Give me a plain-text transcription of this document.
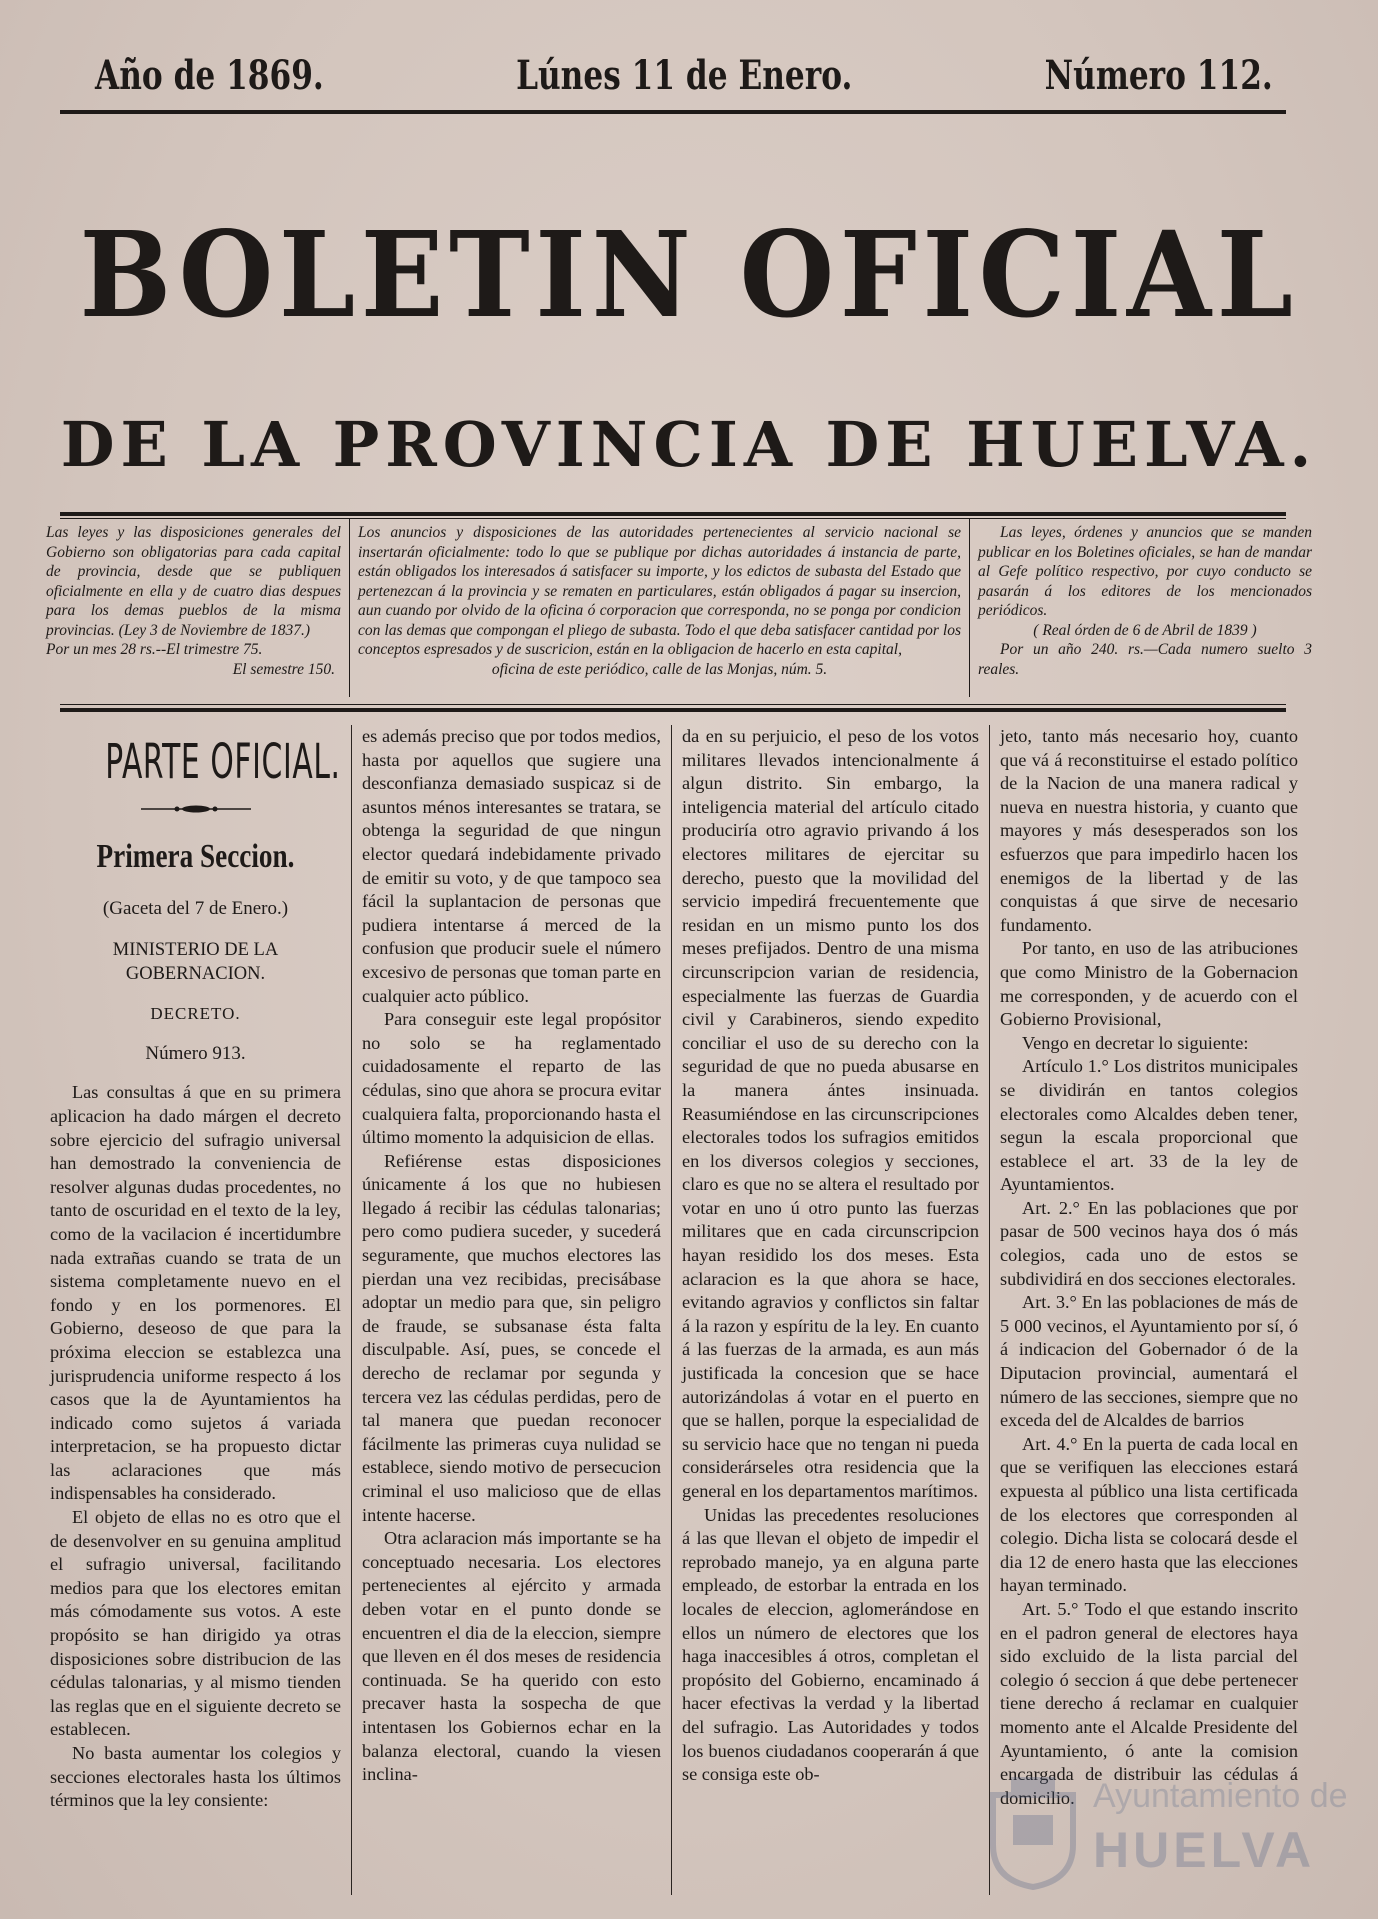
Año de 1869.	Lúnes 11 de Enero.	Número 112.
BOLETIN OFICIAL
DE LA PROVINCIA DE HUELVA.

Las leyes y las disposiciones generales del Gobierno son obligatorias para cada capital de provincia, desde que se publiquen oficialmente en ella y de cuatro dias despues para los demas pueblos de la misma provincias. (Ley 3 de Noviembre de 1837.)

Por un mes 28 rs.--El trimestre 75.

El semestre 150.

Los anuncios y disposiciones de las autoridades pertenecientes al servicio nacional se insertarán oficialmente: todo lo que se publique por dichas autoridades á instancia de parte, están obligados los interesados á satisfacer su importe, y los edictos de subasta del Estado que pertenezcan á la provincia y se rematen en particulares, están obligados á pagar su insercion, aun cuando por olvido de la oficina ó corporacion que corresponda, no se ponga por condicion con las demas que compongan el pliego de subasta. Todo el que deba satisfacer cantidad por los conceptos espresados y de suscricion, están en la obligacion de hacerlo en esta capital,

oficina de este periódico, calle de las Monjas, núm. 5.

Las leyes, órdenes y anuncios que se manden publicar en los Boletines oficiales, se han de mandar al Gefe político respectivo, por cuyo conducto se pasarán á los editores de los mencionados periódicos.

( Real órden de 6 de Abril de 1839 )

Por un año 240. rs.—Cada numero suelto 3 reales.

PARTE OFICIAL.
Primera Seccion.
(Gaceta del 7 de Enero.)
MINISTERIO DE LA GOBERNACION.
DECRETO.
Número 913.

Las consultas á que en su primera aplicacion ha dado márgen el decreto sobre ejercicio del sufragio universal han demostrado la conveniencia de resolver algunas dudas procedentes, no tanto de oscuridad en el texto de la ley, como de la vacilacion é incertidumbre nada extrañas cuando se trata de un sistema completamente nuevo en el fondo y en los pormenores. El Gobierno, deseoso de que para la próxima eleccion se establezca una jurisprudencia uniforme respecto á los casos que la de Ayuntamientos ha indicado como sujetos á variada interpretacion, se ha propuesto dictar las aclaraciones que más indispensables ha considerado.

El objeto de ellas no es otro que el de desenvolver en su genuina amplitud el sufragio universal, facilitando medios para que los electores emitan más cómodamente sus votos. A este propósito se han dirigido ya otras disposiciones sobre distribucion de las cédulas talonarias, y al mismo tienden las reglas que en el siguiente decreto se establecen.

No basta aumentar los colegios y secciones electorales hasta los últimos términos que la ley consiente:

es además preciso que por todos medios, hasta por aquellos que sugiere una desconfianza demasiado suspicaz si de asuntos ménos interesantes se tratara, se obtenga la seguridad de que ningun elector quedará indebidamente privado de emitir su voto, y de que tampoco sea fácil la suplantacion de personas que pudiera intentarse á merced de la confusion que producir suele el número excesivo de personas que toman parte en cualquier acto público.

Para conseguir este legal propósitor no solo se ha reglamentado cuidadosamente el reparto de las cédulas, sino que ahora se procura evitar cualquiera falta, proporcionando hasta el último momento la adquisicion de ellas.

Refiérense estas disposiciones únicamente á los que no hubiesen llegado á recibir las cédulas talonarias; pero como pudiera suceder, y sucederá seguramente, que muchos electores las pierdan una vez recibidas, precisábase adoptar un medio para que, sin peligro de fraude, se subsanase ésta falta disculpable. Así, pues, se concede el derecho de reclamar por segunda y tercera vez las cédulas perdidas, pero de tal manera que puedan reconocer fácilmente las primeras cuya nulidad se establece, siendo motivo de persecucion criminal el uso malicioso que de ellas intente hacerse.

Otra aclaracion más importante se ha conceptuado necesaria. Los electores pertenecientes al ejército y armada deben votar en el punto donde se encuentren el dia de la eleccion, siempre que lleven en él dos meses de residencia continuada. Se ha querido con esto precaver hasta la sospecha de que intentasen los Gobiernos echar en la balanza electoral, cuando la viesen inclina-

da en su perjuicio, el peso de los votos militares llevados intencionalmente á algun distrito. Sin embargo, la inteligencia material del artículo citado produciría otro agravio privando á los electores militares de ejercitar su derecho, puesto que la movilidad del servicio impedirá frecuentemente que residan en un mismo punto los dos meses prefijados. Dentro de una misma circunscripcion varian de residencia, especialmente las fuerzas de Guardia civil y Carabineros, siendo expedito conciliar el uso de su derecho con la seguridad de que no pueda abusarse en la manera ántes insinuada. Reasumiéndose en las circunscripciones electorales todos los sufragios emitidos en los diversos colegios y secciones, claro es que no se altera el resultado por votar en uno ú otro punto las fuerzas militares que en cada circunscripcion hayan residido los dos meses. Esta aclaracion es la que ahora se hace, evitando agravios y conflictos sin faltar á la razon y espíritu de la ley. En cuanto á las fuerzas de la armada, es aun más justificada la concesion que se hace autorizándolas á votar en el puerto en que se hallen, porque la especialidad de su servicio hace que no tengan ni pueda considerárseles otra residencia que la general en los departamentos marítimos.

Unidas las precedentes resoluciones á las que llevan el objeto de impedir el reprobado manejo, ya en alguna parte empleado, de estorbar la entrada en los locales de eleccion, aglomerándose en ellos un número de electores que los haga inaccesibles á otros, completan el propósito del Gobierno, encaminado á hacer efectivas la verdad y la libertad del sufragio. Las Autoridades y todos los buenos ciudadanos cooperarán á que se consiga este ob-

jeto, tanto más necesario hoy, cuanto que vá á reconstituirse el estado político de la Nacion de una manera radical y nueva en nuestra historia, y cuanto que mayores y más desesperados son los esfuerzos que para impedirlo hacen los enemigos de la libertad y de las conquistas á que sirve de necesario fundamento.

Por tanto, en uso de las atribuciones que como Ministro de la Gobernacion me corresponden, y de acuerdo con el Gobierno Provisional,

Vengo en decretar lo siguiente:

Artículo 1.° Los distritos municipales se dividirán en tantos colegios electorales como Alcaldes deben tener, segun la escala proporcional que establece el art. 33 de la ley de Ayuntamientos.

Art. 2.° En las poblaciones que por pasar de 500 vecinos haya dos ó más colegios, cada uno de estos se subdividirá en dos secciones electorales.

Art. 3.° En las poblaciones de más de 5 000 vecinos, el Ayuntamiento por sí, ó á indicacion del Gobernador ó de la Diputacion provincial, aumentará el número de las secciones, siempre que no exceda del de Alcaldes de barrios

Art. 4.° En la puerta de cada local en que se verifiquen las elecciones estará expuesta al público una lista certificada de los electores que corresponden al colegio. Dicha lista se colocará desde el dia 12 de enero hasta que las elecciones hayan terminado.

Art. 5.° Todo el que estando inscrito en el padron general de electores haya sido excluido de la lista parcial del colegio ó seccion á que debe pertenecer tiene derecho á reclamar en cualquier momento ante el Alcalde Presidente del Ayuntamiento, ó ante la comision encargada de distribuir las cédulas á domicilio. Ayuntamiento de
HUELVA
